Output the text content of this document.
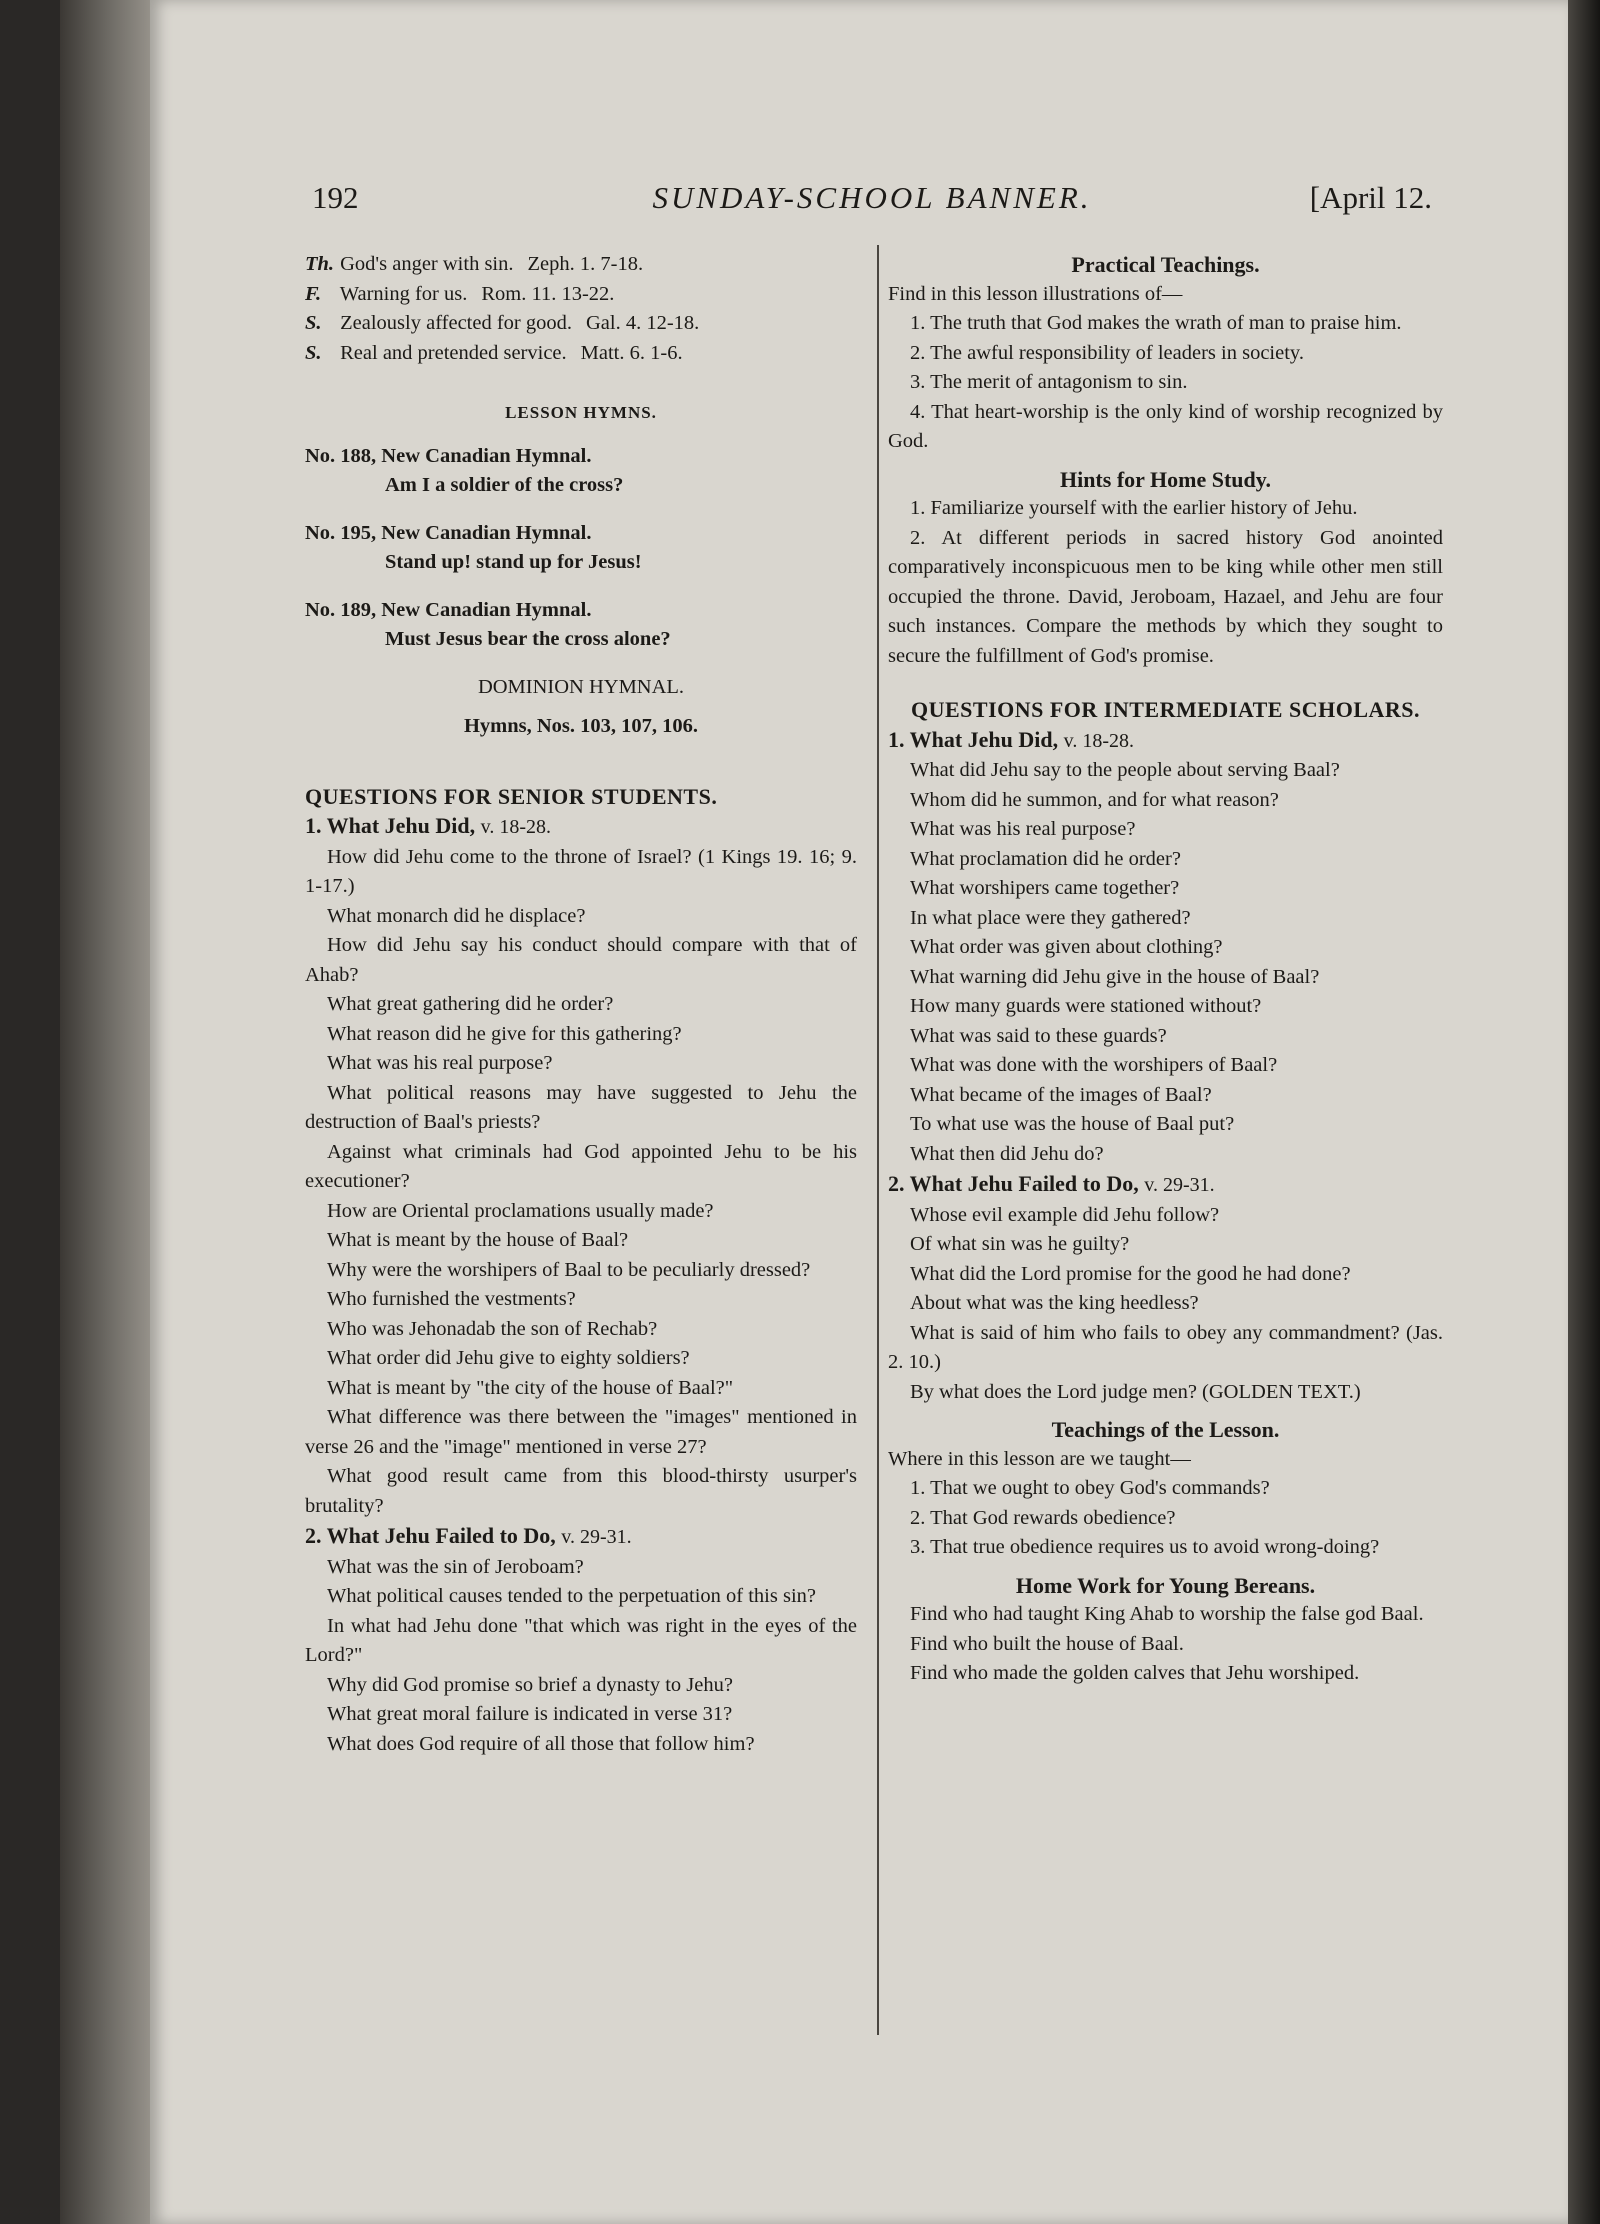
192	SUNDAY-SCHOOL BANNER.	[April 12.

Th. God's anger with sin. Zeph. 1. 7-18.

F. Warning for us. Rom. 11. 13-22.

S. Zealously affected for good. Gal. 4. 12-18.

S. Real and pretended service. Matt. 6. 1-6.

LESSON HYMNS.

No. 188, New Canadian Hymnal.

Am I a soldier of the cross?

No. 195, New Canadian Hymnal.

Stand up! stand up for Jesus!

No. 189, New Canadian Hymnal.

Must Jesus bear the cross alone?

DOMINION HYMNAL.

Hymns, Nos. 103, 107, 106.

QUESTIONS FOR SENIOR STUDENTS.

1. What Jehu Did, v. 18-28.

How did Jehu come to the throne of Israel? (1 Kings 19. 16; 9. 1-17.)

What monarch did he displace?

How did Jehu say his conduct should compare with that of Ahab?

What great gathering did he order?

What reason did he give for this gathering?

What was his real purpose?

What political reasons may have suggested to Jehu the destruction of Baal's priests?

Against what criminals had God appointed Jehu to be his executioner?

How are Oriental proclamations usually made?

What is meant by the house of Baal?

Why were the worshipers of Baal to be peculiarly dressed?

Who furnished the vestments?

Who was Jehonadab the son of Rechab?

What order did Jehu give to eighty soldiers?

What is meant by "the city of the house of Baal?"

What difference was there between the "images" mentioned in verse 26 and the "image" mentioned in verse 27?

What good result came from this blood-thirsty usurper's brutality?

2. What Jehu Failed to Do, v. 29-31.

What was the sin of Jeroboam?

What political causes tended to the perpetuation of this sin?

In what had Jehu done "that which was right in the eyes of the Lord?"

Why did God promise so brief a dynasty to Jehu?

What great moral failure is indicated in verse 31?

What does God require of all those that follow him?

Practical Teachings.

Find in this lesson illustrations of—

1. The truth that God makes the wrath of man to praise him.

2. The awful responsibility of leaders in society.

3. The merit of antagonism to sin.

4. That heart-worship is the only kind of worship recognized by God.

Hints for Home Study.

1. Familiarize yourself with the earlier history of Jehu.

2. At different periods in sacred history God anointed comparatively inconspicuous men to be king while other men still occupied the throne. David, Jeroboam, Hazael, and Jehu are four such instances. Compare the methods by which they sought to secure the fulfillment of God's promise.

QUESTIONS FOR INTERMEDIATE SCHOLARS.

1. What Jehu Did, v. 18-28.

What did Jehu say to the people about serving Baal?

Whom did he summon, and for what reason?

What was his real purpose?

What proclamation did he order?

What worshipers came together?

In what place were they gathered?

What order was given about clothing?

What warning did Jehu give in the house of Baal?

How many guards were stationed without?

What was said to these guards?

What was done with the worshipers of Baal?

What became of the images of Baal?

To what use was the house of Baal put?

What then did Jehu do?

2. What Jehu Failed to Do, v. 29-31.

Whose evil example did Jehu follow?

Of what sin was he guilty?

What did the Lord promise for the good he had done?

About what was the king heedless?

What is said of him who fails to obey any commandment? (Jas. 2. 10.)

By what does the Lord judge men? (GOLDEN TEXT.)

Teachings of the Lesson.

Where in this lesson are we taught—

1. That we ought to obey God's commands?

2. That God rewards obedience?

3. That true obedience requires us to avoid wrong-doing?

Home Work for Young Bereans.

Find who had taught King Ahab to worship the false god Baal.

Find who built the house of Baal.

Find who made the golden calves that Jehu worshiped.
